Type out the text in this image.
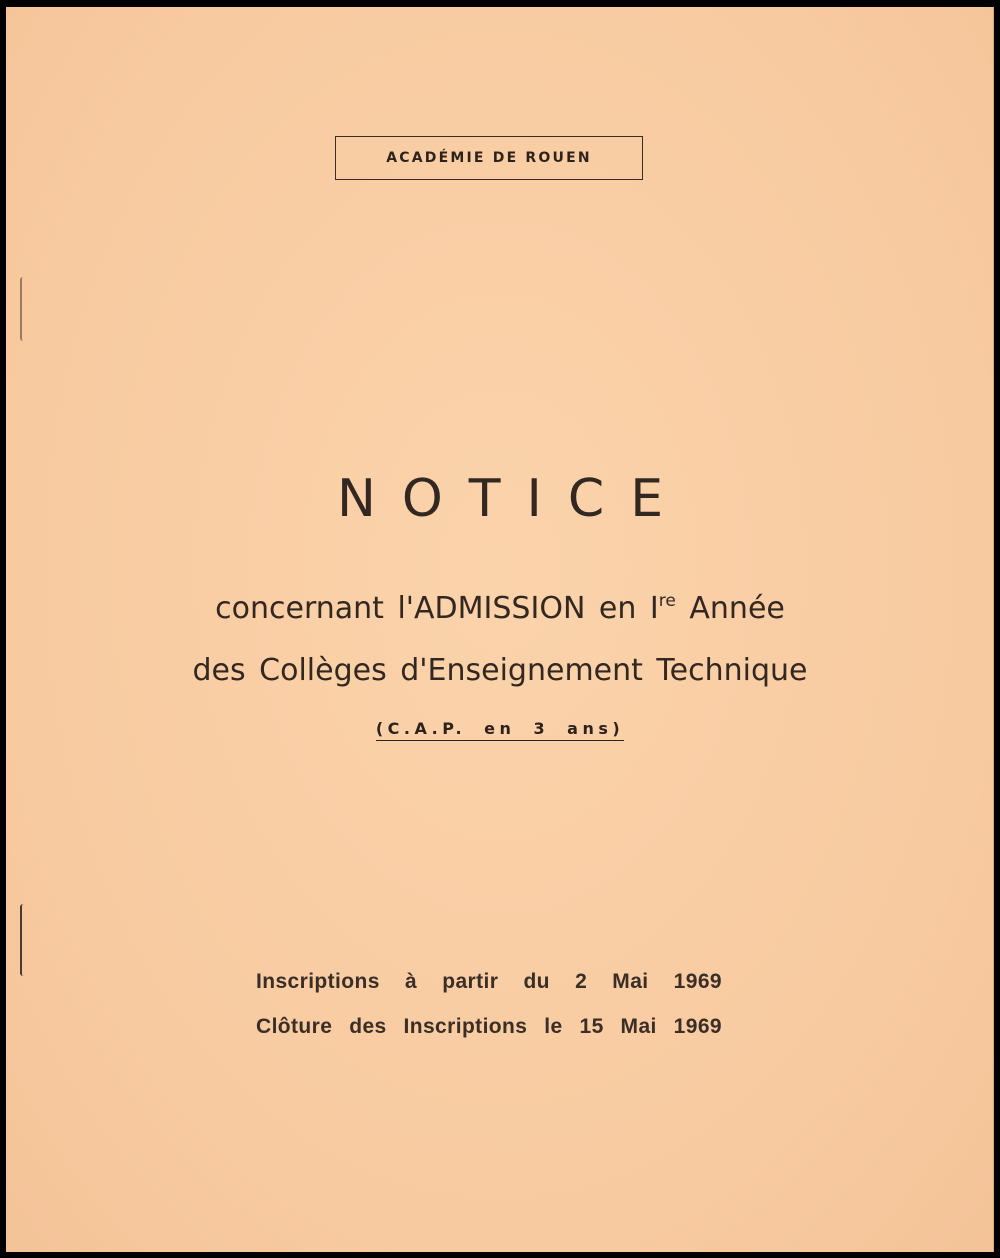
ACADÉMIE DE ROUEN
NOTICE
concernant l'ADMISSION en Ire Année
des Collèges d'Enseignement Technique
(C.A.P. en 3 ans)
Inscriptions à partir du 2 Mai 1969
Clôture des Inscriptions le 15 Mai 1969
